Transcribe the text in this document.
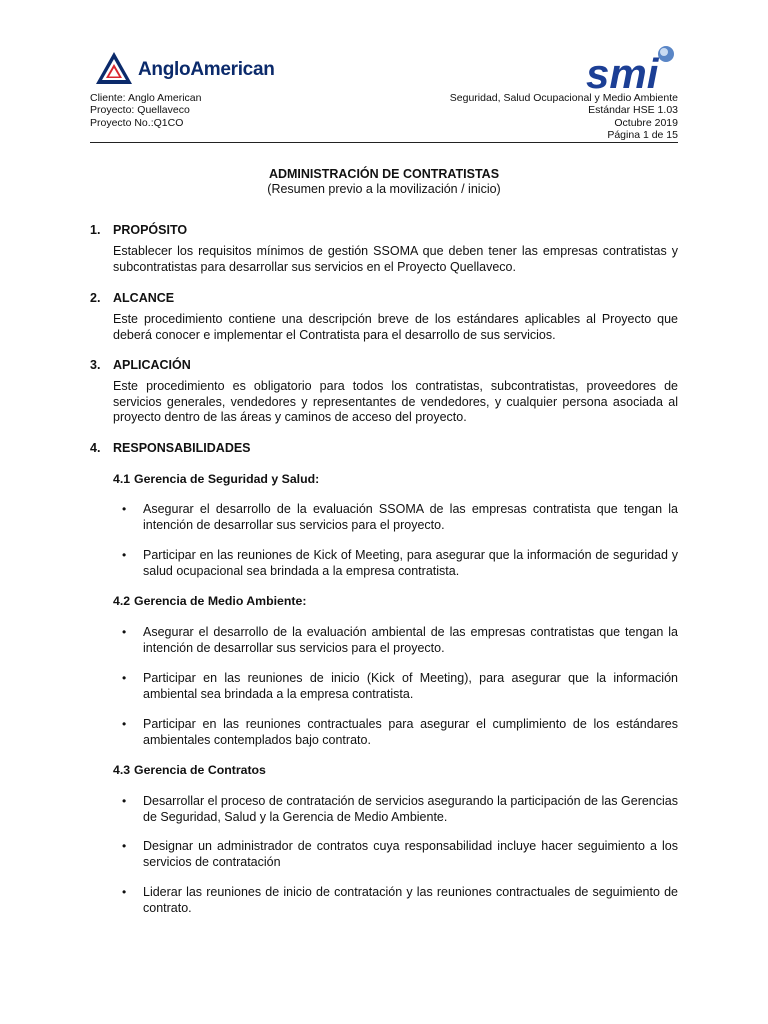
AngloAmerican	smi
Cliente: Anglo American
Proyecto: Quellaveco
Proyecto No.:Q1CO
Seguridad, Salud Ocupacional y Medio Ambiente
Estándar HSE 1.03
Octubre 2019
Página 1 de 15
ADMINISTRACIÓN DE CONTRATISTAS
(Resumen previo a la movilización / inicio)
1. PROPÓSITO
Establecer los requisitos mínimos de gestión SSOMA que deben tener las empresas contratistas y subcontratistas para desarrollar sus servicios en el Proyecto Quellaveco.
2. ALCANCE
Este procedimiento contiene una descripción breve de los estándares aplicables al Proyecto que deberá conocer e implementar el Contratista para el desarrollo de sus servicios.
3. APLICACIÓN
Este procedimiento es obligatorio para todos los contratistas, subcontratistas, proveedores de servicios generales, vendedores y representantes de vendedores, y cualquier persona asociada al proyecto dentro de las áreas y caminos de acceso del proyecto.
4. RESPONSABILIDADES
4.1 Gerencia de Seguridad y Salud:
• Asegurar el desarrollo de la evaluación SSOMA de las empresas contratista que tengan la intención de desarrollar sus servicios para el proyecto.
• Participar en las reuniones de Kick of Meeting, para asegurar que la información de seguridad y salud ocupacional sea brindada a la empresa contratista.
4.2 Gerencia de Medio Ambiente:
• Asegurar el desarrollo de la evaluación ambiental de las empresas contratistas que tengan la intención de desarrollar sus servicios para el proyecto.
• Participar en las reuniones de inicio (Kick of Meeting), para asegurar que la información ambiental sea brindada a la empresa contratista.
• Participar en las reuniones contractuales para asegurar el cumplimiento de los estándares ambientales contemplados bajo contrato.
4.3 Gerencia de Contratos
• Desarrollar el proceso de contratación de servicios asegurando la participación de las Gerencias de Seguridad, Salud y la Gerencia de Medio Ambiente.
• Designar un administrador de contratos cuya responsabilidad incluye hacer seguimiento a los servicios de contratación
• Liderar las reuniones de inicio de contratación y las reuniones contractuales de seguimiento de contrato.
